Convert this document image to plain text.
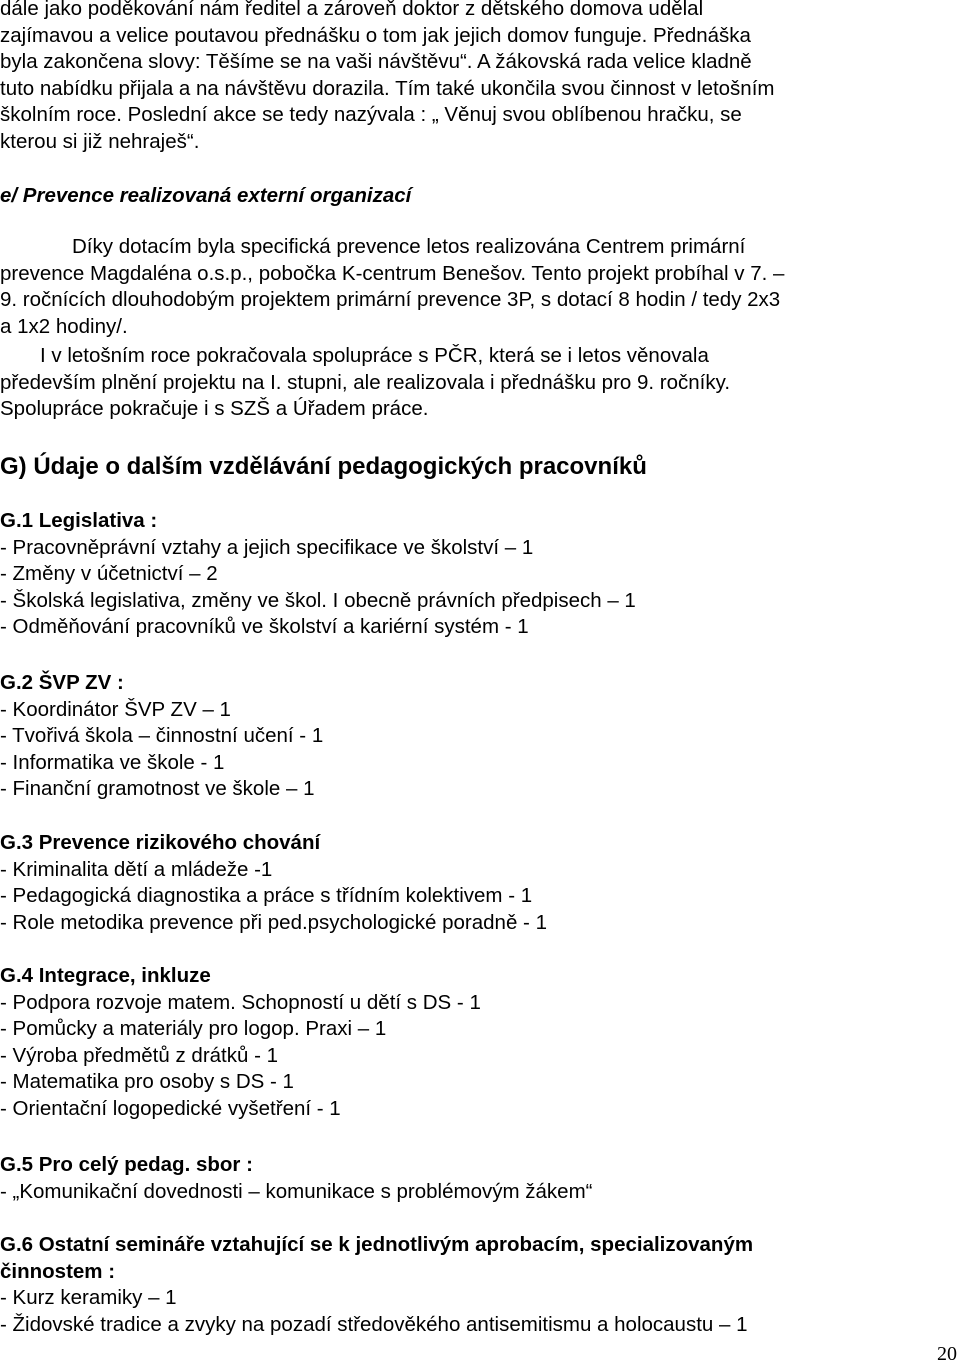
dále jako poděkování nám ředitel a zároveň doktor z dětského domova udělal
zajímavou a velice poutavou přednášku o tom jak jejich domov funguje. Přednáška
byla zakončena slovy: Těšíme se na vaši návštěvu“. A žákovská rada velice kladně
tuto nabídku přijala a na návštěvu dorazila. Tím také ukončila svou činnost v letošním
školním roce. Poslední akce se tedy nazývala : „ Věnuj svou oblíbenou hračku, se
kterou si již nehraješ“.
e/ Prevence realizovaná externí organizací
Díky dotacím byla specifická prevence letos realizována Centrem primární
prevence Magdaléna o.s.p., pobočka K-centrum Benešov. Tento projekt probíhal v 7. –
9. ročnících dlouhodobým projektem primární prevence 3P, s dotací 8 hodin / tedy 2x3
a 1x2 hodiny/.
I v letošním roce pokračovala spolupráce s PČR, která se i letos věnovala
především plnění projektu na I. stupni, ale realizovala i přednášku pro 9. ročníky.
Spolupráce pokračuje i s SZŠ a Úřadem práce.
G) Údaje o dalším vzdělávání pedagogických pracovníků
G.1 Legislativa :
- Pracovněprávní vztahy a jejich specifikace ve školství – 1
- Změny v účetnictví – 2
- Školská legislativa, změny ve škol. I obecně právních předpisech – 1
- Odměňování pracovníků ve školství a kariérní systém - 1
G.2 ŠVP ZV :
- Koordinátor ŠVP ZV – 1
- Tvořivá škola – činnostní učení - 1
- Informatika ve škole - 1
- Finanční gramotnost ve škole – 1
G.3 Prevence rizikového chování
- Kriminalita dětí a mládeže -1
- Pedagogická diagnostika a práce s třídním kolektivem - 1
- Role metodika prevence při ped.psychologické poradně - 1
G.4 Integrace, inkluze
- Podpora rozvoje matem. Schopností u dětí s DS - 1
- Pomůcky a materiály pro logop. Praxi – 1
- Výroba předmětů z drátků - 1
- Matematika pro osoby s DS - 1
- Orientační logopedické vyšetření - 1
G.5 Pro celý pedag. sbor :
- „Komunikační dovednosti – komunikace s problémovým žákem“
G.6 Ostatní semináře vztahující se k jednotlivým aprobacím, specializovaným
činnostem :
- Kurz keramiky – 1
- Židovské tradice a zvyky na pozadí středověkého antisemitismu a holocaustu – 1
20
